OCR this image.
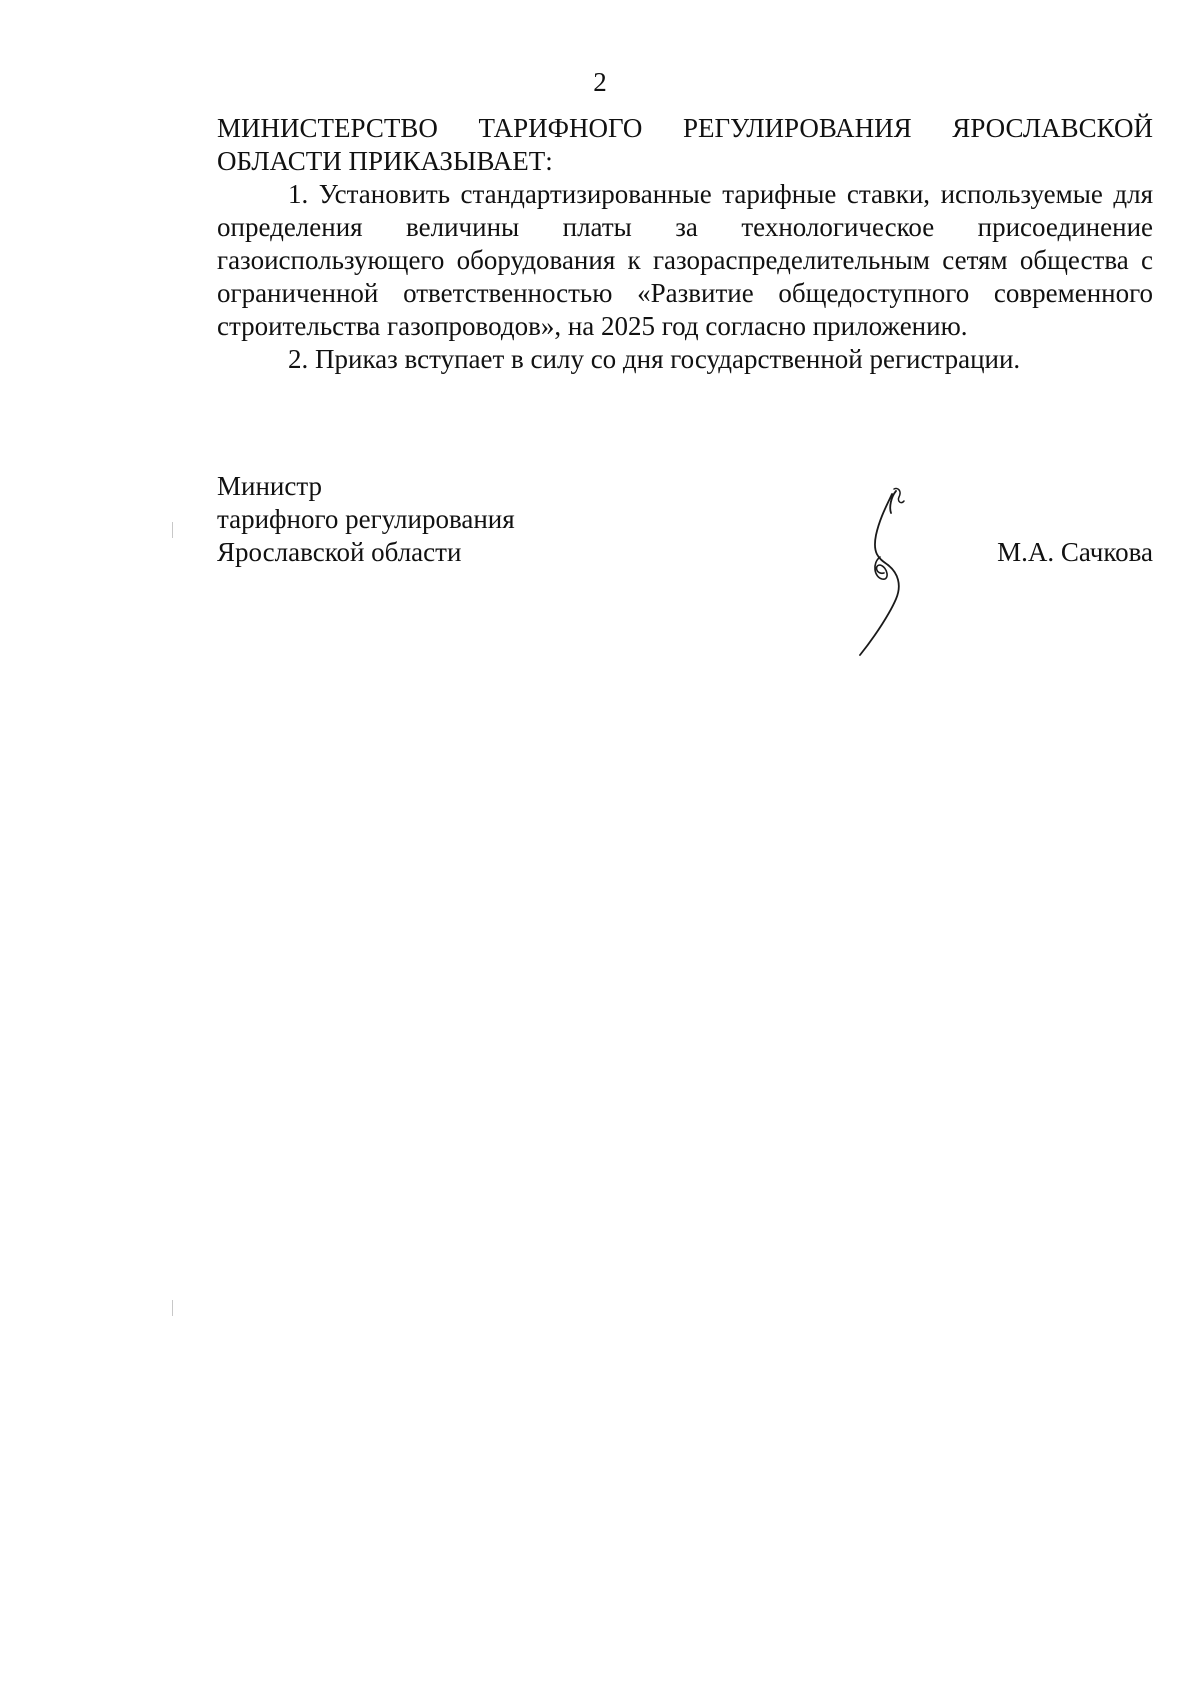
2

МИНИСТЕРСТВО ТАРИФНОГО РЕГУЛИРОВАНИЯ ЯРОСЛАВСКОЙ ОБЛАСТИ ПРИКАЗЫВАЕТ:

1. Установить стандартизированные тарифные ставки, используемые для определения величины платы за технологическое присоединение газоиспользующего оборудования к газораспределительным сетям общества с ограниченной ответственностью «Развитие общедоступного современного строительства газопроводов», на 2025 год согласно приложению.

2. Приказ вступает в силу со дня государственной регистрации.

Министр
тарифного регулирования
Ярославской области	М.А. Сачкова
